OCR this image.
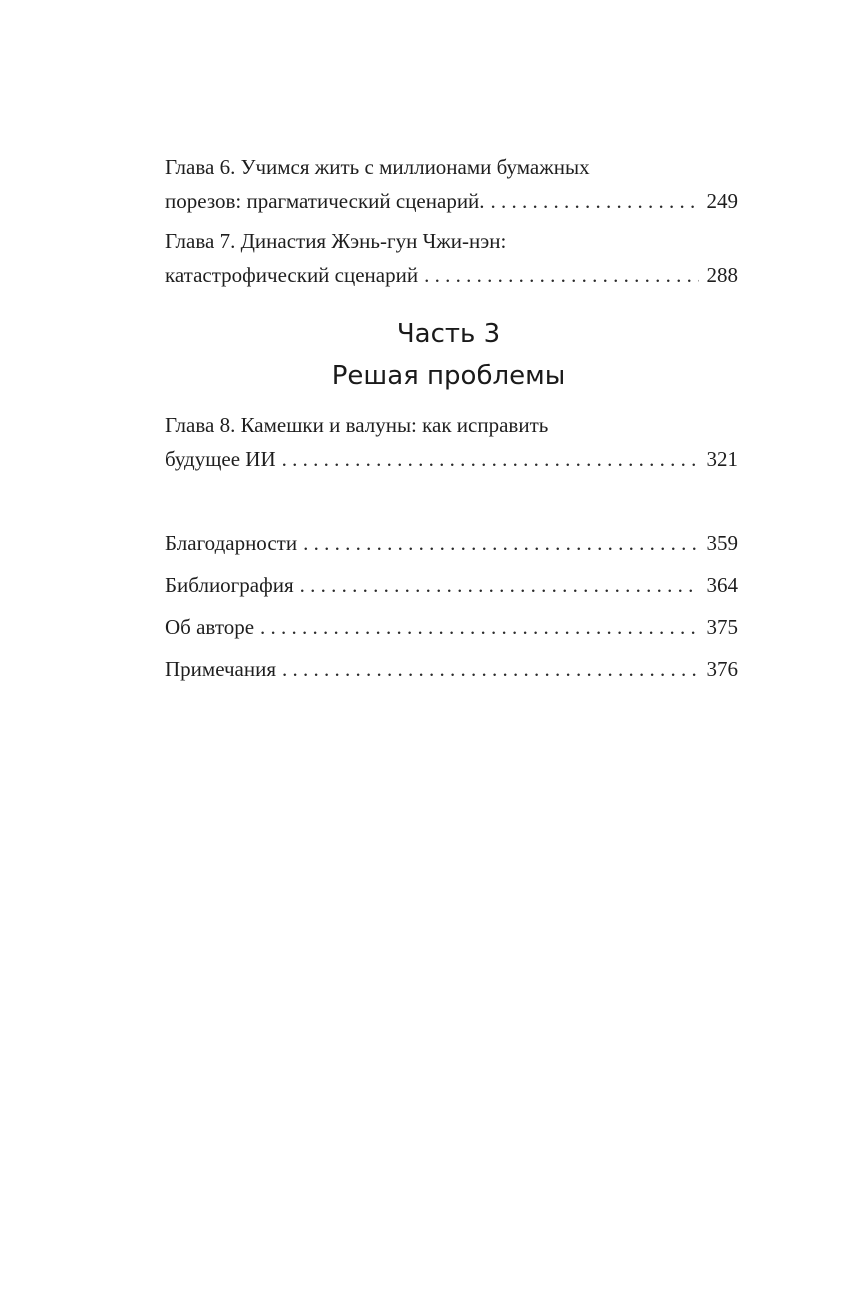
Глава 6. Учимся жить с миллионами бумажных
порезов: прагматический сценарий. . . .	249
Глава 7. Династия Жэнь-гун Чжи-нэн:
катастрофический сценарий . . .	288
Часть 3
Решая проблемы
Глава 8. Камешки и валуны: как исправить
будущее ИИ . . .	321
Благодарности . . .	359
Библиография . . .	364
Об авторе . . .	375
Примечания . . .	376
